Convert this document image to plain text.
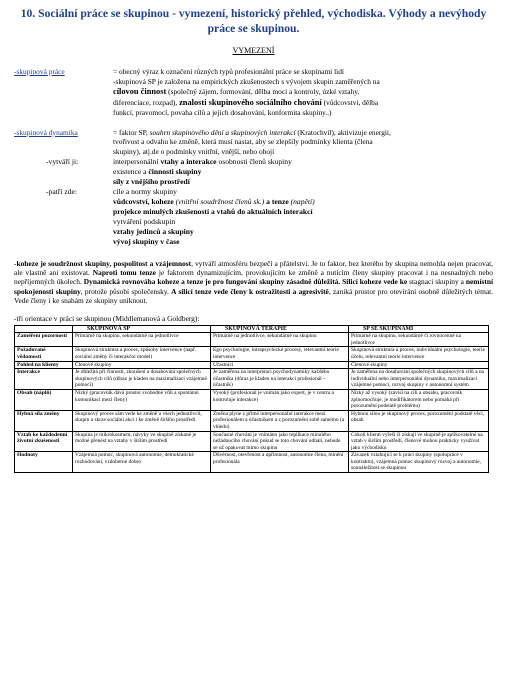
10. Sociální práce se skupinou - vymezení, historický přehled, východiska. Výhody a nevýhody práce se skupinou.
VYMEZENÍ
-skupinová práce	= obecný výraz k označení různých typů profesionální práce se skupinami lidí
-skupinová SP je založena na empirických zkušenostech s vývojem skupin zaměřených na
cílovou činnost (společný zájem, formování, dělba moci a kontroly, úzké vztahy,
diferenciace, rozpad), znalosti skupinového sociálního chování (vůdcovství, dělba
funkcí, pravomocí, povaha cílů a jejich dosahování, konformita skupiny..)
-skupinová dynamika	= faktor SP, souhrn skupinového dění a skupinových interakcí (Kratochvíl), aktivizuje energii,
tvořivost a odvahu ke změně, která musí nastat, aby se zlepšily podmínky klienta (člena
skupiny), atj.de o podmínky vnitřní, vnější, nebo obojí
-vytváří ji:	interpersonální vtahy a interakce osobnosti členů skupiny
existence a činnosti skupiny
síly z vnějšího prostředí
-patří zde:	cíle a normy skupiny
vůdcovství, koheze (vnitřní soudržnost členů sk.) a tenze (napětí)
projekce minulých zkušeností a vtahů do aktuálních interakcí
vytváření podskupin
vztahy jedinců a skupiny
vývoj skupiny v čase
-koheze je soudržnost skupiny, pospolitost a vzájemnost, vytváří atmosféru bezpečí a přátelství. Je to faktor, bez kterého by skupina nemohla nejen pracovat, ale vlastně ani existovat. Naproti tomu tenze je faktorem dynamizujícím, provokujícím ke změně a nutícím členy skupiny pracovat i na nesnadných nebo nepříjemných úkolech. Dynamická rovnováha koheze a tenze je pro fungování skupiny zásadně důležitá. Silicí koheze vede ke stagnaci skupiny a nemístní spokojenosti skupiny, protože působí společensky. A silicí tenze vede členy k ostražitosti a agresivitě, zaniká prostor pro otevírání osobně důležitých témat. Vede členy i ke snahám ze skupiny uniknout.
-tři orientace v práci se skupinou (Middlemanová a Goldberg):
	SKUPINOVÁ SP	SKUPINOVÁ TERAPIE	SP SE SKUPINAMI
Zaměření pozornosti	Primárně na skupinu, sekundárně na jednotlivce	Primárně na jednotlivce, sekundárně na skupinu	Primárně na skupinu, sekundárně či rovnocenně na jednotlivce
Požadované vědomosti	Skupinová struktura a proces, způsoby intervence (např. sociální změny či interakční model)	Ego psychologie, intrapsychické procesy, relevantní teorie intervence	Skupinová struktura a proces, individuální psychologie, teorie účelu, relevantní teorie intervence
Pohled na klienty	Členové skupiny	Účastníci	Členové skupiny
Interakce	Je důležitá při činnosti, zkoušení a dosahování společných skupinových cílů (důraz je kladen na maximalizaci vzájemné pomoci)	Je zaměřena na interpretaci psychodynamiky každého účastníka (důraz je kladen na interakci profesionál – účastník)	Je zaměřena na dosahování společných skupinových cílů a na individuální nebo interpersonální dynamiku, maximalizaci vzájemné pomoci, rozvoj skupiny v autonomní systém
Obsah (náplň)	Nízký (pracovník dává prostor svobodné vůli a spontánní komunikaci mezi členy)	Vysoký (profesionál je vnímán jako expert, je v centru a kontroluje interakce)	Nízký až vysoký (závisí na cíli a obsahu, pracovník zplnomocňuje, je modifikátorem nebo pomáhá při porozumění podstatě problému)
Hybná síla změny	Skupinový proces sám vede ke změně u všech jednotlivců, skupin a skrze sociální akci i ke změně širšího prostředí	Změna plyne z přímé interpersonální interakce mezi profesionálem a účastníkem a z porozumění sobě samému (a vhledu)	Hybnou silou je skupinový proces, porozumění podstatě věci, obsah
Vztah ke každodenní životní zkušenosti	Skupina je mikrokosmem, návyky ve skupině získané je možné přenést na vztahy v širším prostředí	Současné chování je vnímáno jako replikace minulého nežádoucího chování pokud se toto chování odhalí, nebude se už opakovat mimo skupinu	Cokoli klienti vyřeší či získají ve skupině je aplikovatelné na vztah v širším prostředí, členové mohou prakticky využívat jako východisko
Hodnoty	Vzájemná pomoc, skupinová autonomie, demokratické rozhodování, vzdoberné dobro	Důvěrnost, otevřenost a upřímnost, autonomie člena, mínění profesionála	Závazek vztahující se k práci skupiny (spolupráce v kontraktu), vzájemná pomoc skupinový rozvoj a autonomie, sounáležitost se skupinou
